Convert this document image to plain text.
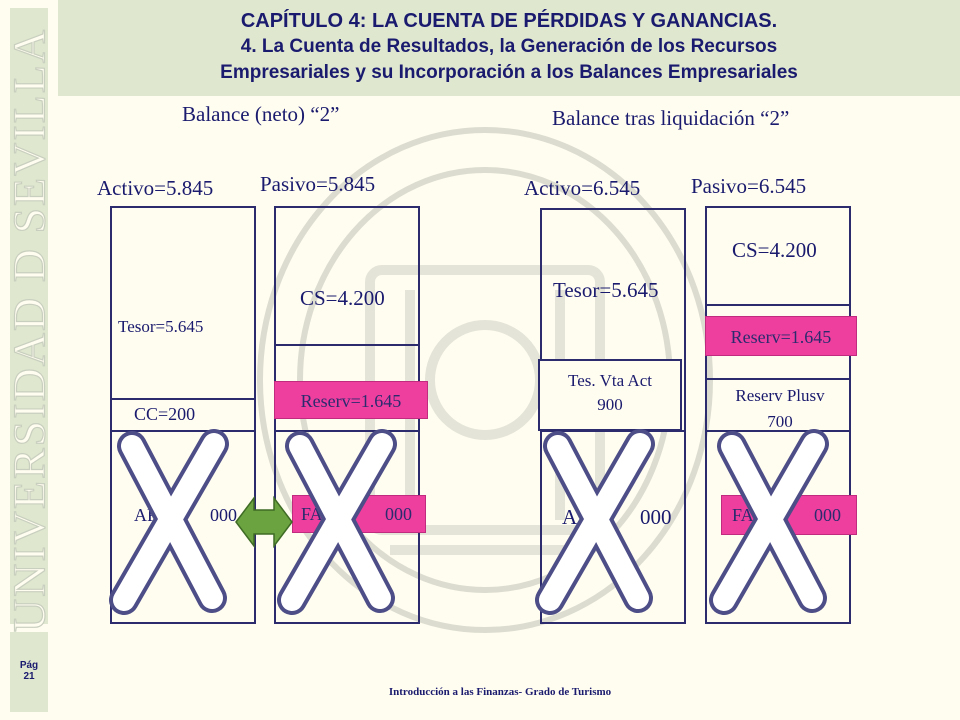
UNIVERSIDAD D SEVILLA
CAPÍTULO 4: LA CUENTA DE PÉRDIDAS Y GANANCIAS.
4. La Cuenta de Resultados, la Generación de los Recursos
Empresariales y su Incorporación a los Balances Empresariales
Balance (neto) “2”
Activo=5.845 Pasivo=5.845
Tesor=5.645
CC=200
AF	000
CS=4.200
Reserv=1.645
FAT	000
Balance tras liquidación “2”
Activo=6.545 Pasivo=6.545
Tesor=5.645
Tes. Vta Act
900
AF 000
CS=4.200
Reserv=1.645
Reserv Plusv
700
FAT	000
Pág
21
Introducción a las Finanzas- Grado de Turismo
